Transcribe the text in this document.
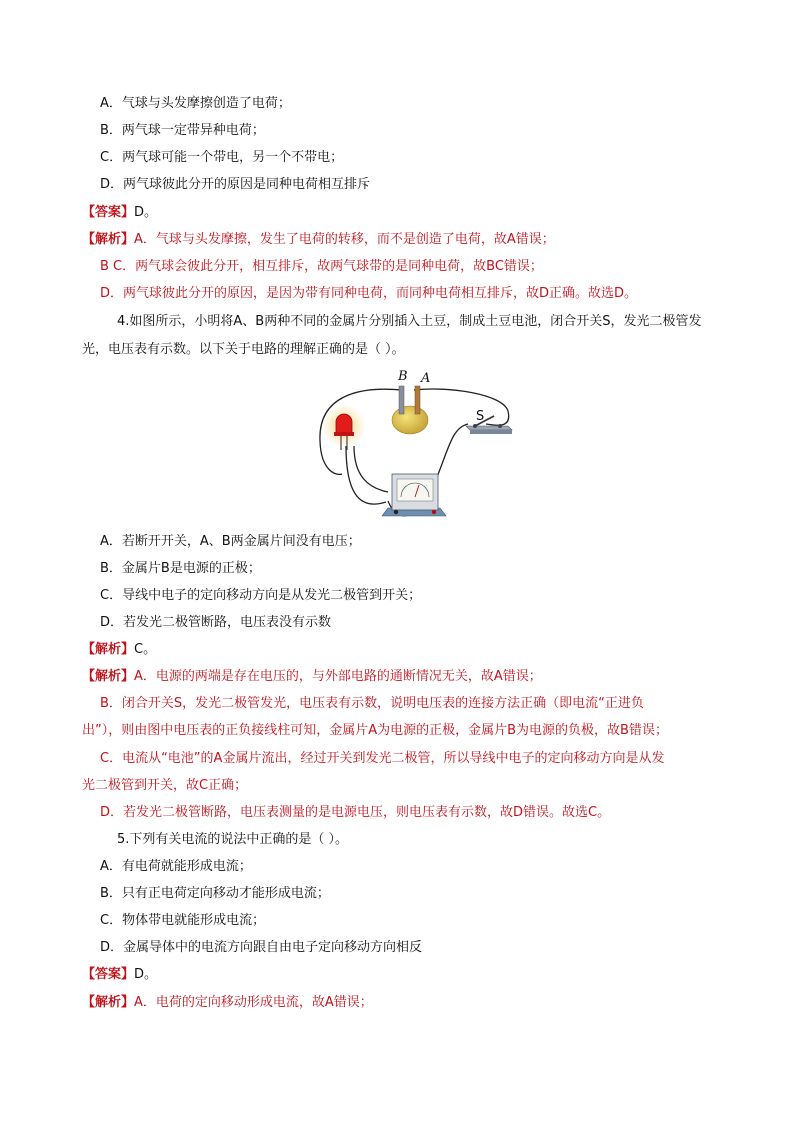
A．气球与头发摩擦创造了电荷；
B．两气球一定带异种电荷；
C．两气球可能一个带电，另一个不带电；
D．两气球彼此分开的原因是同种电荷相互排斥
【答案】D。
【解析】A．气球与头发摩擦，发生了电荷的转移，而不是创造了电荷，故A错误；
B C．两气球会彼此分开，相互排斥，故两气球带的是同种电荷，故BC错误；
D．两气球彼此分开的原因，是因为带有同种电荷，而同种电荷相互排斥，故D正确。故选D。
4.如图所示，小明将A、B两种不同的金属片分别插入土豆，制成土豆电池，闭合开关S，发光二极管发
光，电压表有示数。以下关于电路的理解正确的是（ ）。
B A
S
A．若断开开关，A、B两金属片间没有电压；
B．金属片B是电源的正极；
C．导线中电子的定向移动方向是从发光二极管到开关；
D．若发光二极管断路，电压表没有示数
【解析】C。
【解析】A．电源的两端是存在电压的，与外部电路的通断情况无关，故A错误；
B．闭合开关S，发光二极管发光，电压表有示数，说明电压表的连接方法正确（即电流“正进负
出”），则由图中电压表的正负接线柱可知，金属片A为电源的正极，金属片B为电源的负极，故B错误；
C．电流从“电池”的A金属片流出，经过开关到发光二极管，所以导线中电子的定向移动方向是从发
光二极管到开关，故C正确；
D．若发光二极管断路，电压表测量的是电源电压，则电压表有示数，故D错误。故选C。
5.下列有关电流的说法中正确的是（ ）。
A．有电荷就能形成电流；
B．只有正电荷定向移动才能形成电流；
C．物体带电就能形成电流；
D．金属导体中的电流方向跟自由电子定向移动方向相反
【答案】D。
【解析】A．电荷的定向移动形成电流，故A错误；
